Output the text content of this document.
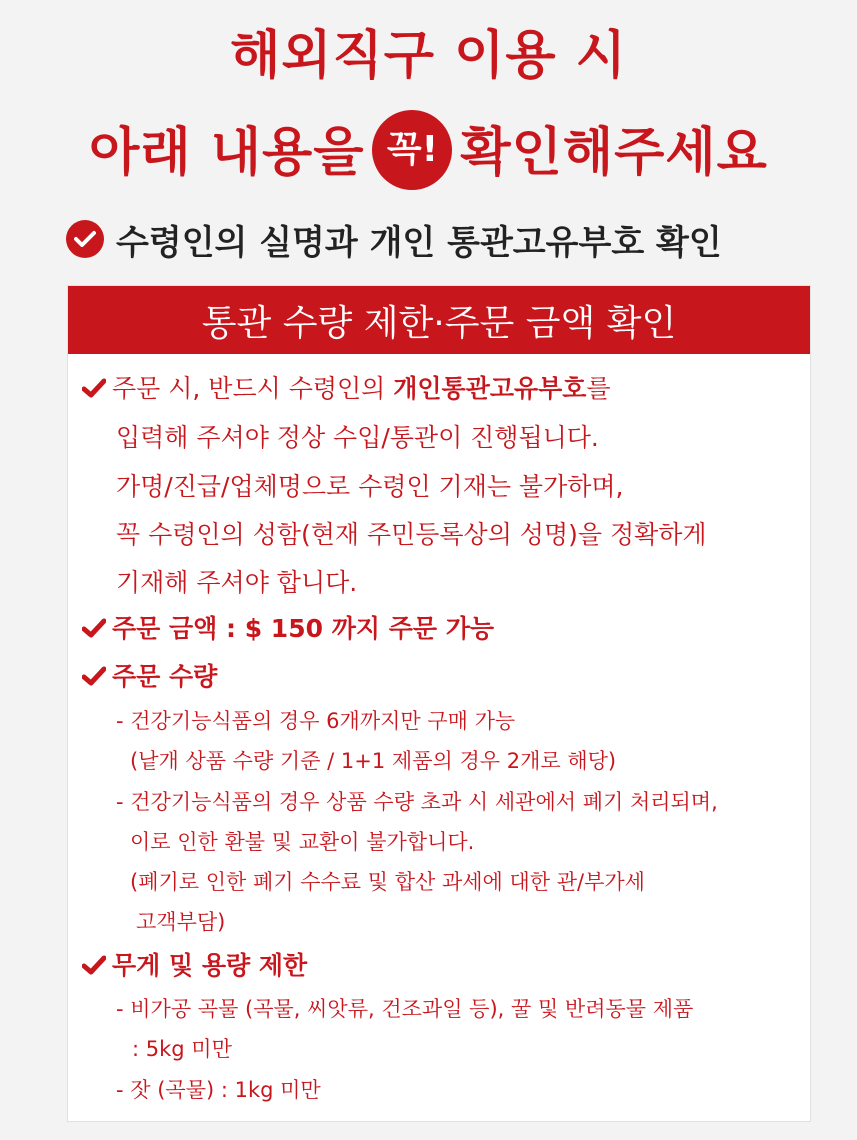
해외직구 이용 시
아래 내용을 꼭! 확인해주세요
수령인의 실명과 개인 통관고유부호 확인
통관 수량 제한·주문 금액 확인
주문 시, 반드시 수령인의 개인통관고유부호를
입력해 주셔야 정상 수입/통관이 진행됩니다.
가명/진급/업체명으로 수령인 기재는 불가하며,
꼭 수령인의 성함(현재 주민등록상의 성명)을 정확하게
기재해 주셔야 합니다.
주문 금액 : $ 150 까지 주문 가능
주문 수량
- 건강기능식품의 경우 6개까지만 구매 가능
(낱개 상품 수량 기준 / 1+1 제품의 경우 2개로 해당)
- 건강기능식품의 경우 상품 수량 초과 시 세관에서 폐기 처리되며,
이로 인한 환불 및 교환이 불가합니다.
(폐기로 인한 폐기 수수료 및 합산 과세에 대한 관/부가세
고객부담)
무게 및 용량 제한
- 비가공 곡물 (곡물, 씨앗류, 건조과일 등), 꿀 및 반려동물 제품
: 5kg 미만
- 잣 (곡물) : 1kg 미만
